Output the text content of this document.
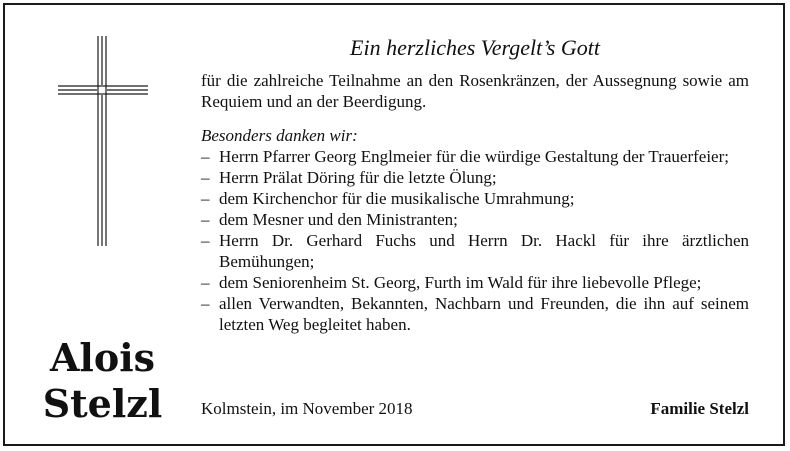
Alois
Stelzl
Ein herzliches Vergelt’s Gott

für die zahlreiche Teilnahme an den Rosenkränzen, der Aussegnung sowie am Requiem und an der Beerdigung.

Besonders danken wir:

– Herrn Pfarrer Georg Englmeier für die würdige Gestaltung der Trauerfeier;
– Herrn Prälat Döring für die letzte Ölung;
– dem Kirchenchor für die musikalische Umrahmung;
– dem Mesner und den Ministranten;
– Herrn Dr. Gerhard Fuchs und Herrn Dr. Hackl für ihre ärztlichen Bemühungen;
– dem Seniorenheim St. Georg, Furth im Wald für ihre liebevolle Pflege;
– allen Verwandten, Bekannten, Nachbarn und Freunden, die ihn auf seinem letzten Weg begleitet haben.
Kolmstein, im November 2018	Familie Stelzl
